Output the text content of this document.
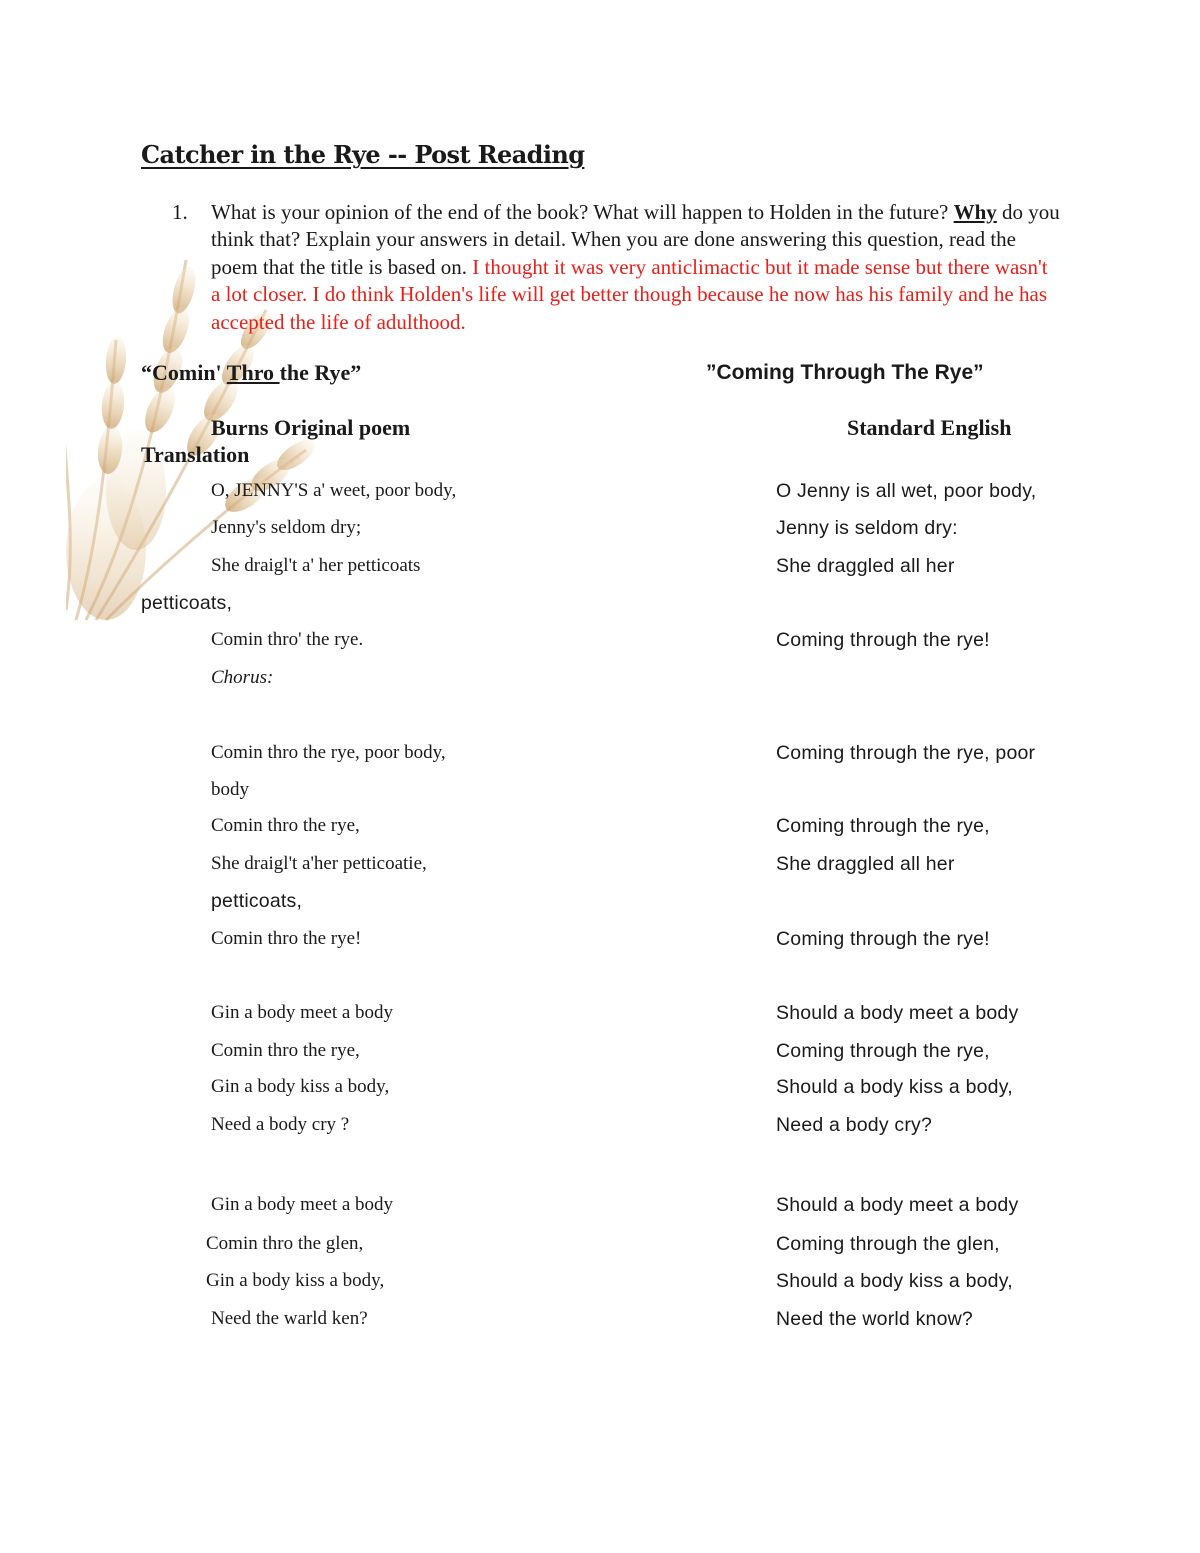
Catcher in the Rye -- Post Reading
1. What is your opinion of the end of the book? What will happen to Holden in the future? Why do you think that? Explain your answers in detail. When you are done answering this question, read the poem that the title is based on. I thought it was very anticlimactic but it made sense but there wasn't a lot closer. I do think Holden's life will get better though because he now has his family and he has accepted the life of adulthood.
“Comin' Thro the Rye”	”Coming Through The Rye”
Burns Original poem	Standard English
Translation
O, JENNY'S a' weet, poor body,
Jenny's seldom dry;
She draigl't a' her petticoats
petticoats,
Comin thro' the rye.
Chorus:
Comin thro the rye, poor body,
body
Comin thro the rye,
She draigl't a'her petticoatie,
petticoats,
Comin thro the rye!
Gin a body meet a body
Comin thro the rye,
Gin a body kiss a body,
Need a body cry ?
Gin a body meet a body
Comin thro the glen,
Gin a body kiss a body,
Need the warld ken?
O Jenny is all wet, poor body,
Jenny is seldom dry:
She draggled all her
Coming through the rye!
Coming through the rye, poor
Coming through the rye,
She draggled all her
Coming through the rye!
Should a body meet a body
Coming through the rye,
Should a body kiss a body,
Need a body cry?
Should a body meet a body
Coming through the glen,
Should a body kiss a body,
Need the world know?
